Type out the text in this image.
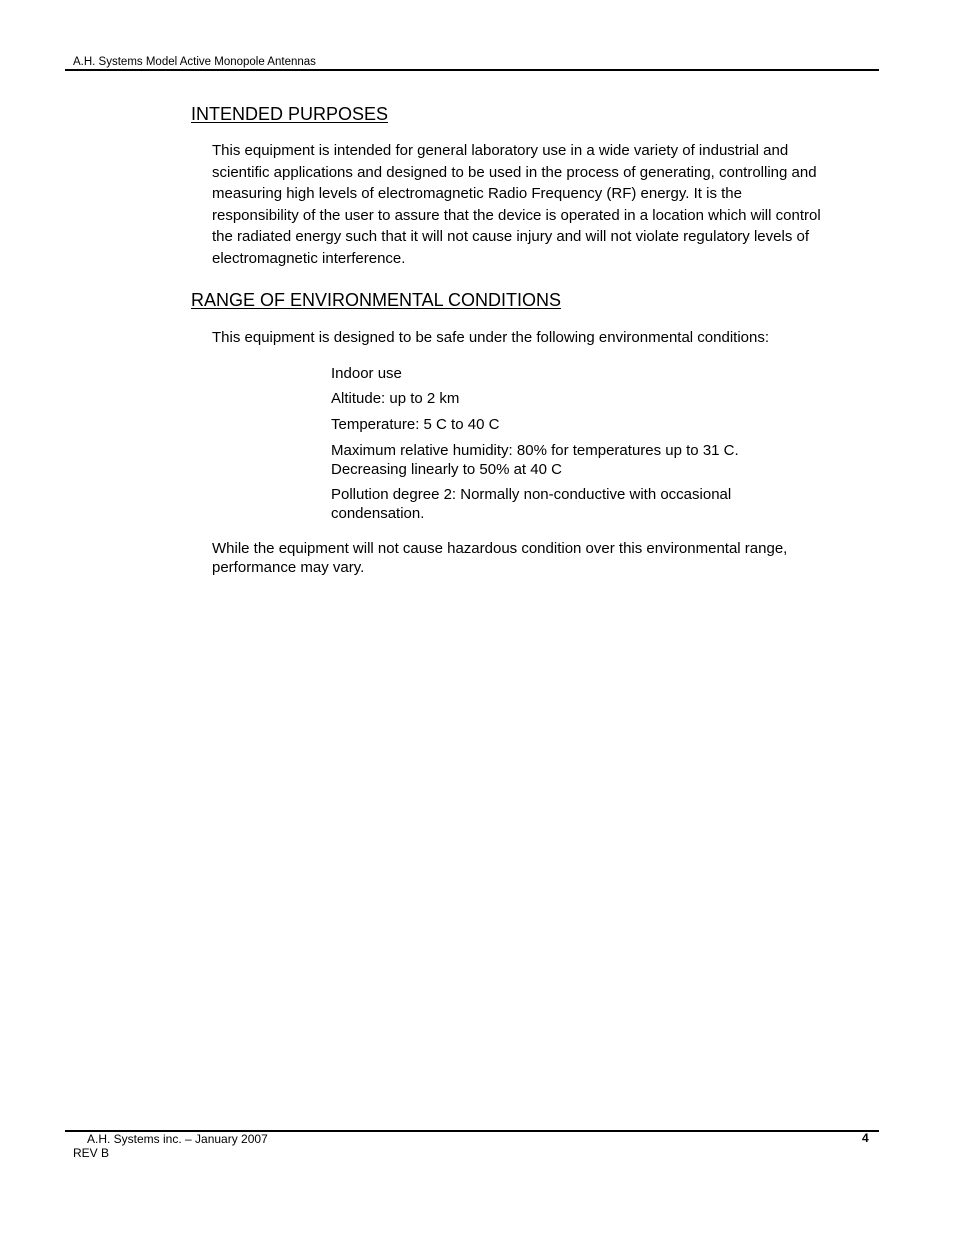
A.H. Systems Model Active Monopole Antennas
INTENDED PURPOSES

This equipment is intended for general laboratory use in a wide variety of industrial and scientific applications and designed to be used in the process of generating, controlling and measuring high levels of electromagnetic Radio Frequency (RF) energy. It is the responsibility of the user to assure that the device is operated in a location which will control the radiated energy such that it will not cause injury and will not violate regulatory levels of electromagnetic interference.

RANGE OF ENVIRONMENTAL CONDITIONS

This equipment is designed to be safe under the following environmental conditions:

Indoor use
Altitude: up to 2 km
Temperature: 5 C to 40 C
Maximum relative humidity: 80% for temperatures up to 31 C. Decreasing linearly to 50% at 40 C
Pollution degree 2: Normally non-conductive with occasional condensation.

While the equipment will not cause hazardous condition over this environmental range, performance may vary.

A.H. Systems inc. – January 2007
REV B
4
